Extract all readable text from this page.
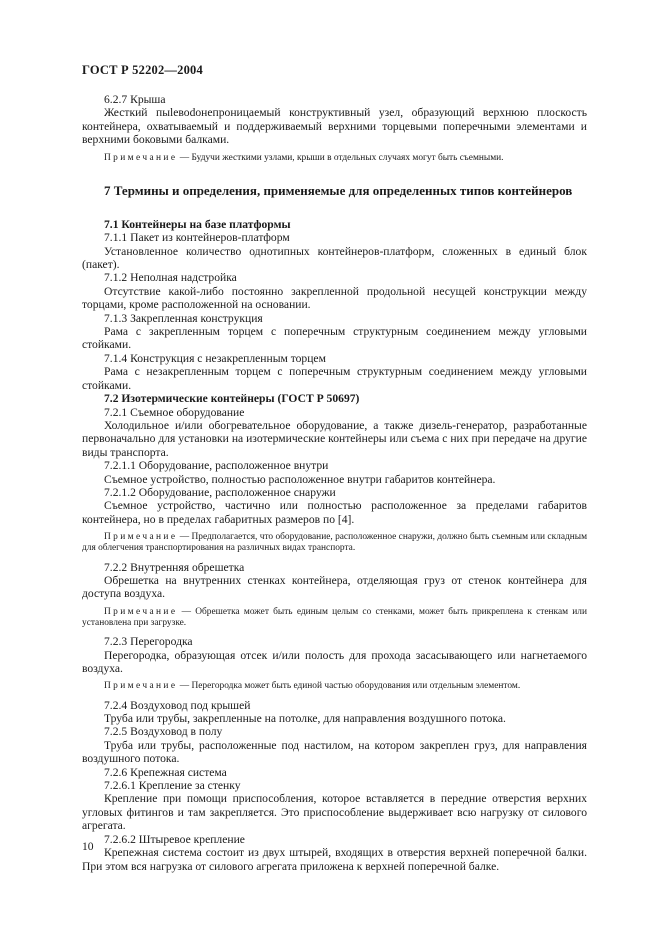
ГОСТ Р 52202—2004

6.2.7 Крыша

Жесткий пыleвоdонепроницаемый конструктивный узел, образующий верхнюю плоскость контейнера, охватываемый и поддерживаемый верхними торцевыми поперечными элементами и верхними боковыми балками.

Примечание — Будучи жесткими узлами, крыши в отдельных случаях могут быть съемными.

7 Термины и определения, применяемые для определенных типов контейнеров

7.1 Контейнеры на базе платформы

7.1.1 Пакет из контейнеров-платформ

Установленное количество однотипных контейнеров-платформ, сложенных в единый блок (пакет).

7.1.2 Неполная надстройка

Отсутствие какой-либо постоянно закрепленной продольной несущей конструкции между торцами, кроме расположенной на основании.

7.1.3 Закрепленная конструкция

Рама с закрепленным торцем с поперечным структурным соединением между угловыми стойками.

7.1.4 Конструкция с незакрепленным торцем

Рама с незакрепленным торцем с поперечным структурным соединением между угловыми стойками.

7.2 Изотермические контейнеры (ГОСТ Р 50697)

7.2.1 Съемное оборудование

Холодильное и/или обогревательное оборудование, а также дизель-генератор, разработанные первоначально для установки на изотермические контейнеры или съема с них при передаче на другие виды транспорта.

7.2.1.1 Оборудование, расположенное внутри

Съемное устройство, полностью расположенное внутри габаритов контейнера.

7.2.1.2 Оборудование, расположенное снаружи

Съемное устройство, частично или полностью расположенное за пределами габаритов контейнера, но в пределах габаритных размеров по [4].

Примечание — Предполагается, что оборудование, расположенное снаружи, должно быть съемным или складным для облегчения транспортирования на различных видах транспорта.

7.2.2 Внутренняя обрешетка

Обрешетка на внутренних стенках контейнера, отделяющая груз от стенок контейнера для доступа воздуха.

Примечание — Обрешетка может быть единым целым со стенками, может быть прикреплена к стенкам или установлена при загрузке.

7.2.3 Перегородка

Перегородка, образующая отсек и/или полость для прохода засасывающего или нагнетаемого воздуха.

Примечание — Перегородка может быть единой частью оборудования или отдельным элементом.

7.2.4 Воздуховод под крышей

Труба или трубы, закрепленные на потолке, для направления воздушного потока.

7.2.5 Воздуховод в полу

Труба или трубы, расположенные под настилом, на котором закреплен груз, для направления воздушного потока.

7.2.6 Крепежная система

7.2.6.1 Крепление за стенку

Крепление при помощи приспособления, которое вставляется в передние отверстия верхних угловых фитингов и там закрепляется. Это приспособление выдерживает всю нагрузку от силового агрегата.

7.2.6.2 Штыревое крепление

Крепежная система состоит из двух штырей, входящих в отверстия верхней поперечной балки. При этом вся нагрузка от силового агрегата приложена к верхней поперечной балке.

10
